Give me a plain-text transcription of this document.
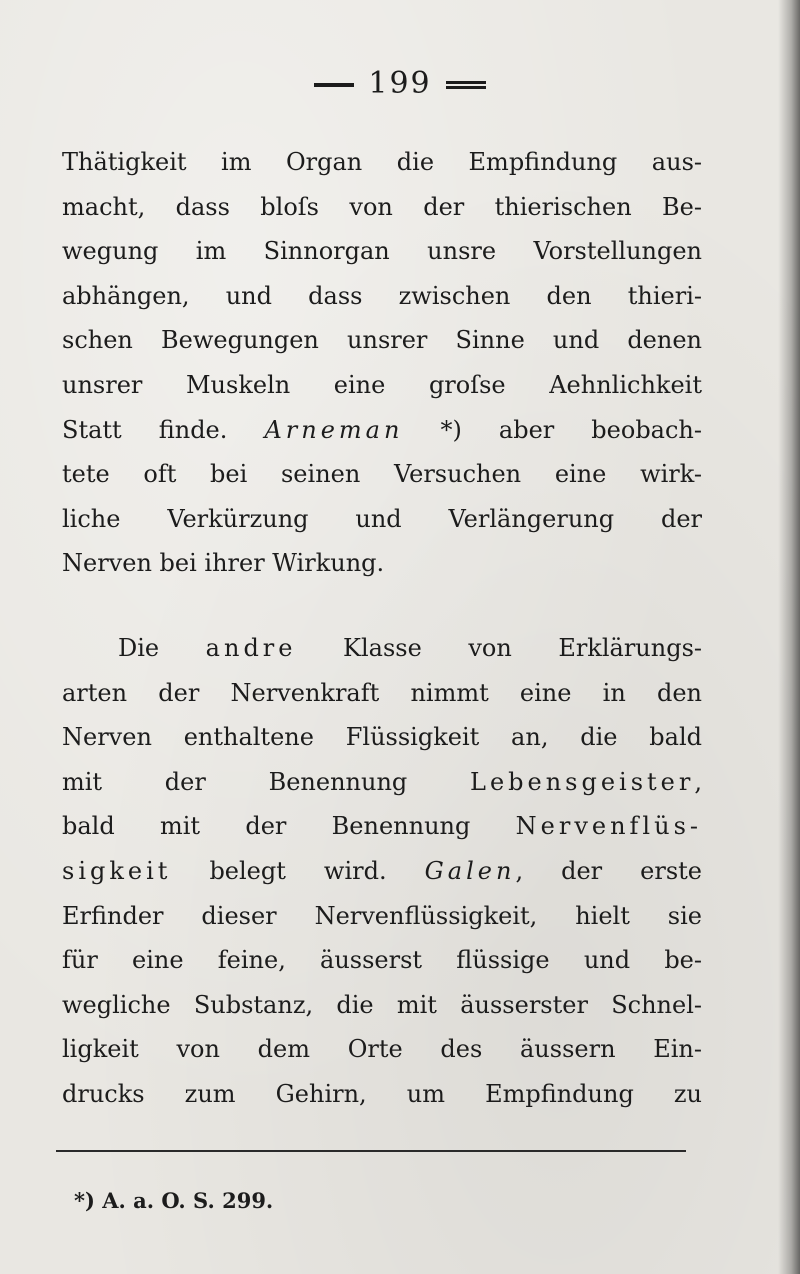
199
Thätigkeit im Organ die Empfindung aus-
macht, dass bloſs von der thierischen Be-
wegung im Sinnorgan unsre Vorstellungen
abhängen, und dass zwischen den thieri-
schen Bewegungen unsrer Sinne und denen
unsrer Muskeln eine groſse Aehnlichkeit
Statt finde. Arneman *) aber beobach-
tete oft bei seinen Versuchen eine wirk-
liche Verkürzung und Verlängerung der
Nerven bei ihrer Wirkung.
Die andre Klasse von Erklärungs-
arten der Nervenkraft nimmt eine in den
Nerven enthaltene Flüssigkeit an, die bald
mit der Benennung Lebensgeister,
bald mit der Benennung Nervenflüs-
sigkeit belegt wird. Galen, der erste
Erfinder dieser Nervenflüssigkeit, hielt sie
für eine feine, äusserst flüssige und be-
wegliche Substanz, die mit äusserster Schnel-
ligkeit von dem Orte des äussern Ein-
drucks zum Gehirn, um Empfindung zu
*) A. a. O. S. 299.
